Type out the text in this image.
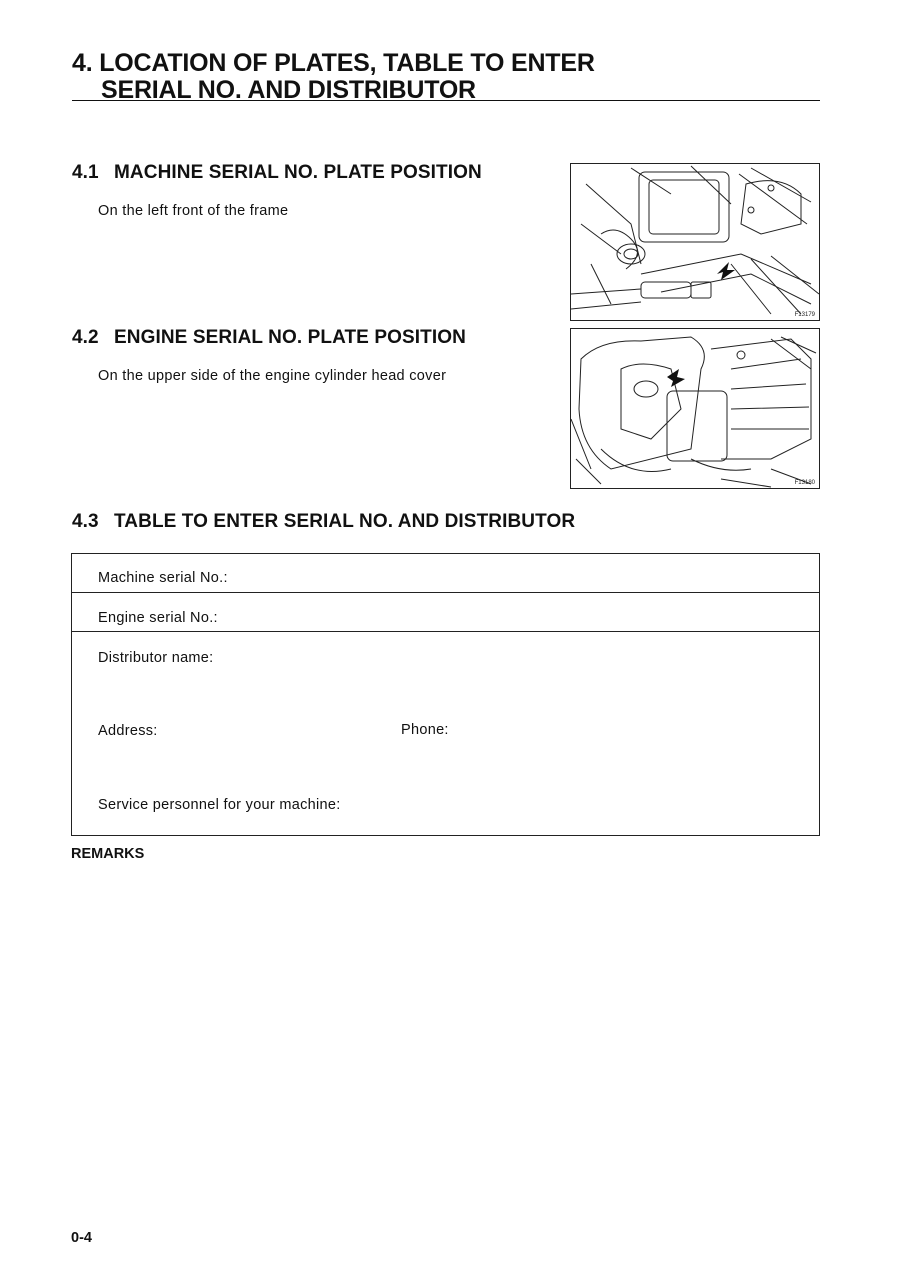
4. LOCATION OF PLATES, TABLE TO ENTER
SERIAL NO. AND DISTRIBUTOR
4.1 MACHINE SERIAL NO. PLATE POSITION
On the left front of the frame
4.2 ENGINE SERIAL NO. PLATE POSITION
On the upper side of the engine cylinder head cover
F13179
F13180
4.3 TABLE TO ENTER SERIAL NO. AND DISTRIBUTOR
Machine serial No.:
Engine serial No.:
Distributor name:
Address:	Phone:
Service personnel for your machine:
REMARKS
0-4
